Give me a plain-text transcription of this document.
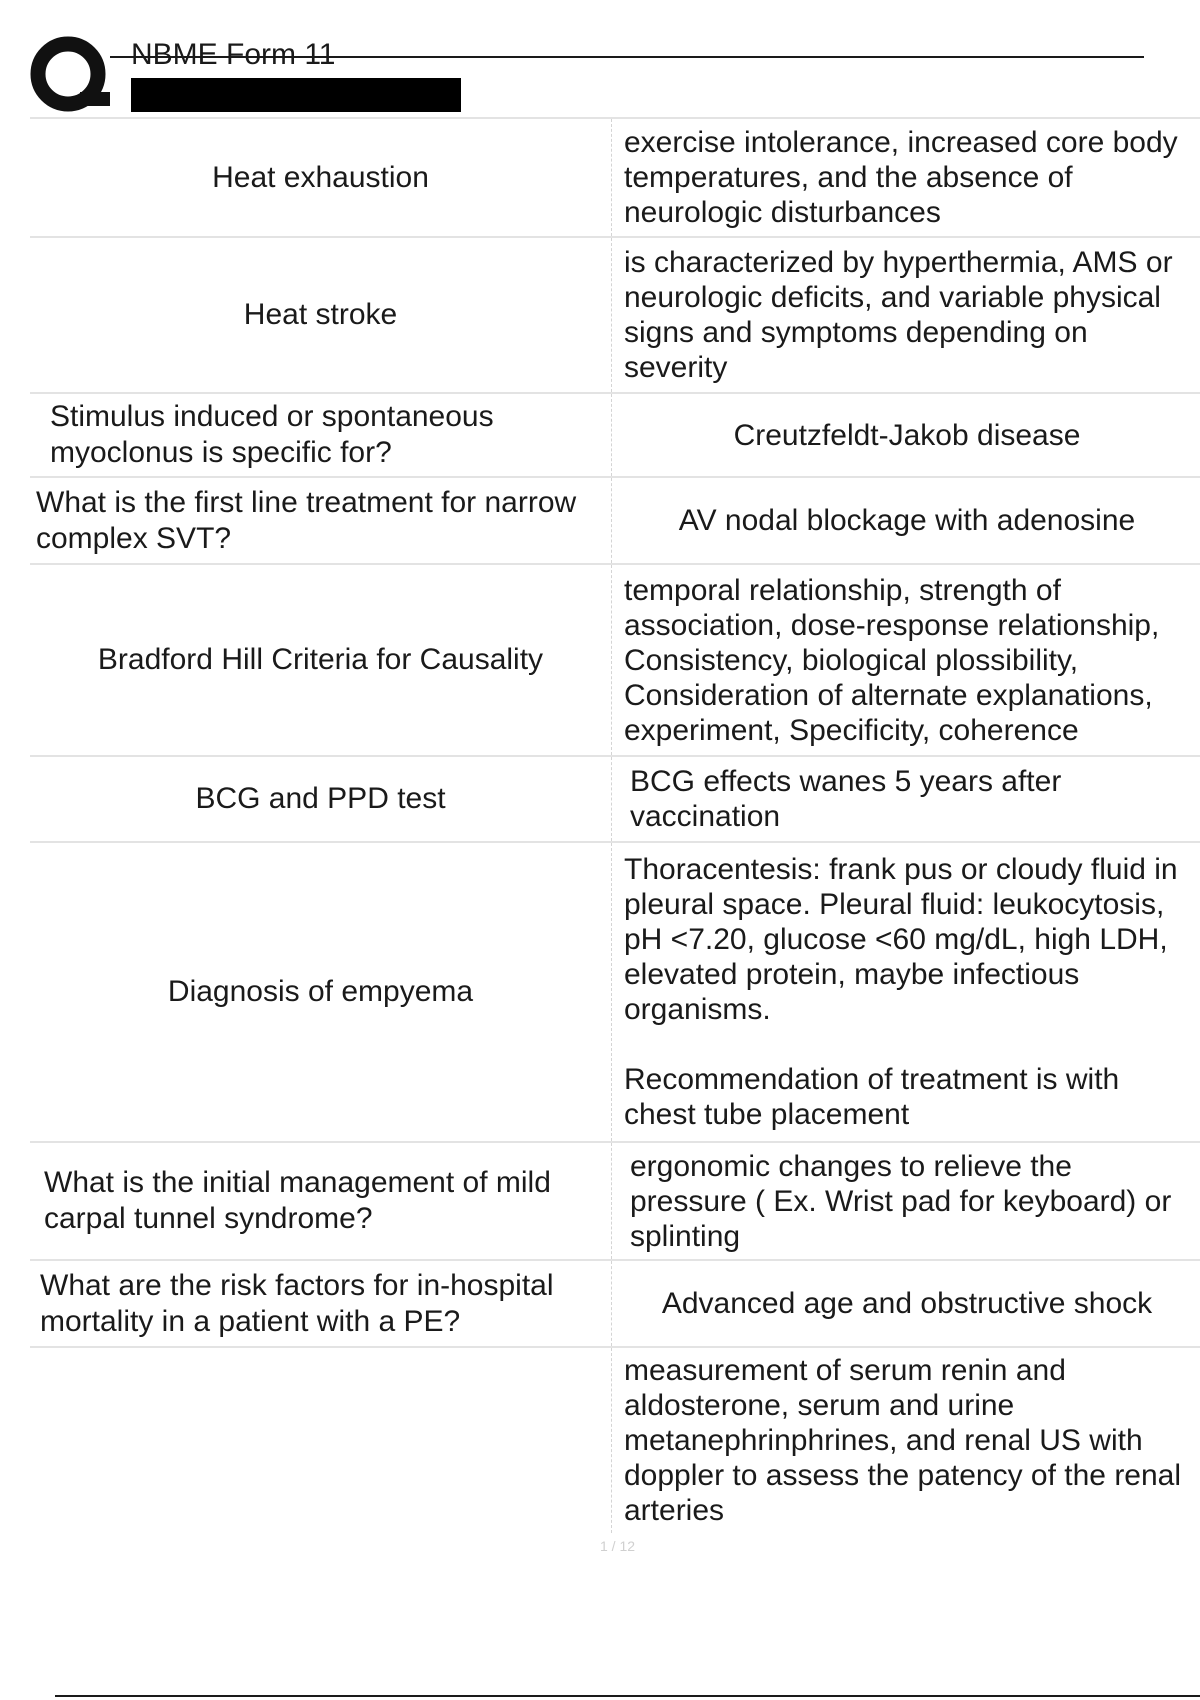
NBME Form 11
Heat exhaustion
exercise intolerance, increased core body temperatures, and the absence of neurologic disturbances
Heat stroke
is characterized by hyperthermia, AMS or neurologic deficits, and variable physical signs and symptoms depending on severity
Stimulus induced or spontaneous myoclonus is specific for?
Creutzfeldt-Jakob disease
What is the first line treatment for narrow complex SVT?
AV nodal blockage with adenosine
Bradford Hill Criteria for Causality
temporal relationship, strength of association, dose-response relationship, Consistency, biological plossibility, Consideration of alternate explanations, experiment, Specificity, coherence
BCG and PPD test
BCG effects wanes 5 years after vaccination
Diagnosis of empyema
Thoracentesis: frank pus or cloudy fluid in pleural space. Pleural fluid: leukocytosis, pH <7.20, glucose <60 mg/dL, high LDH, elevated protein, maybe infectious organisms.

Recommendation of treatment is with chest tube placement
What is the initial management of mild carpal tunnel syndrome?
ergonomic changes to relieve the pressure ( Ex. Wrist pad for keyboard) or splinting
What are the risk factors for in-hospital mortality in a patient with a PE?
Advanced age and obstructive shock
measurement of serum renin and aldosterone, serum and urine metanephrinphrines, and renal US with doppler to assess the patency of the renal arteries
1 / 12
